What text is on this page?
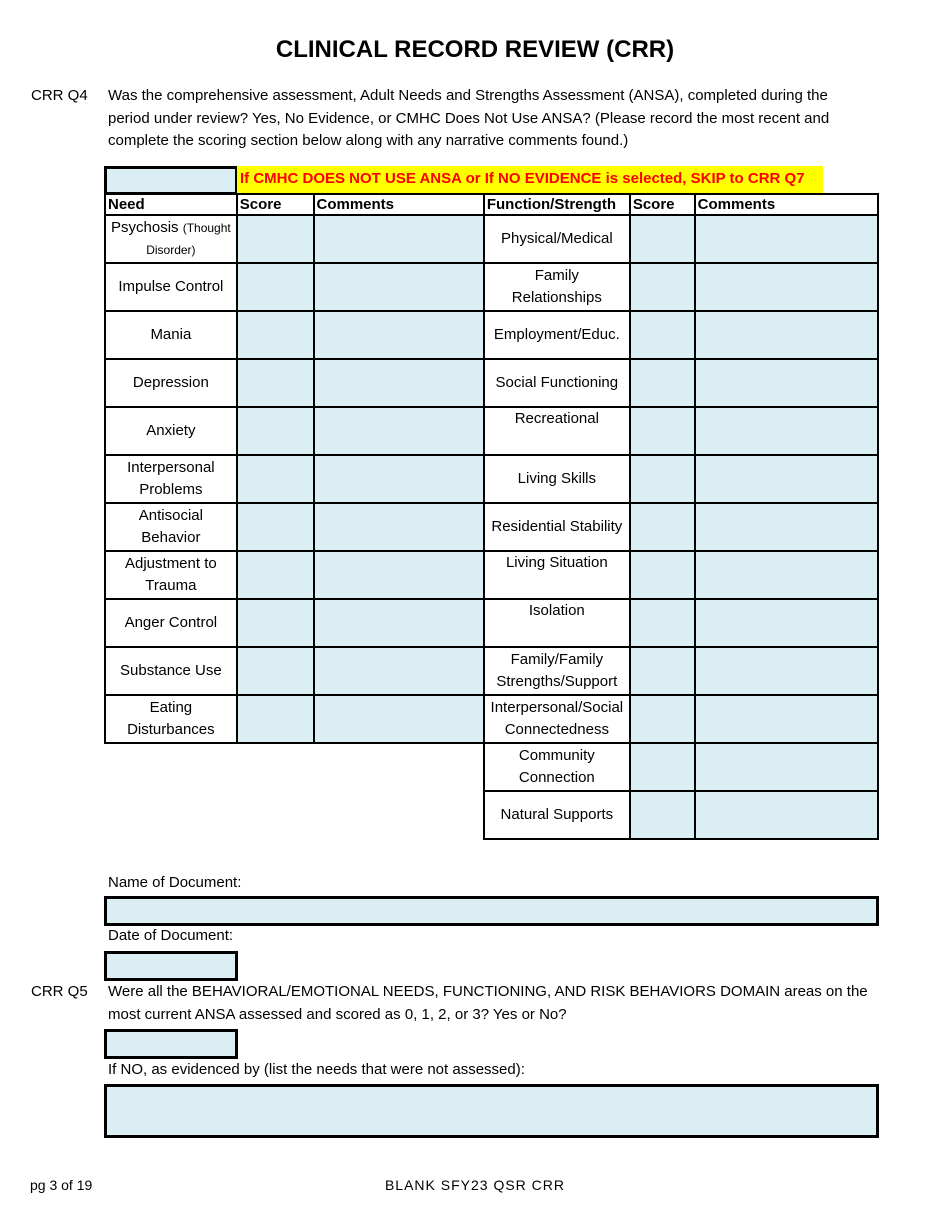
CLINICAL RECORD REVIEW (CRR)
CRR Q4 Was the comprehensive assessment, Adult Needs and Strengths Assessment (ANSA), completed during the period under review? Yes, No Evidence, or CMHC Does Not Use ANSA? (Please record the most recent and complete the scoring section below along with any narrative comments found.)
If CMHC DOES NOT USE ANSA or If NO EVIDENCE is selected, SKIP to CRR Q7
Need	Score	Comments	Function/Strength	Score	Comments
Psychosis (Thought Disorder)			Physical/Medical		
Impulse Control			Family Relationships		
Mania			Employment/Educ.		
Depression			Social Functioning		
Anxiety			Recreational		
Interpersonal Problems			Living Skills		
Antisocial Behavior			Residential Stability		
Adjustment to Trauma			Living Situation		
Anger Control			Isolation		
Substance Use			Family/Family Strengths/Support		
Eating Disturbances			Interpersonal/Social Connectedness		
			Community Connection		
			Natural Supports		
Name of Document:
Date of Document:
CRR Q5 Were all the BEHAVIORAL/EMOTIONAL NEEDS, FUNCTIONING, AND RISK BEHAVIORS DOMAIN areas on the most current ANSA assessed and scored as 0, 1, 2, or 3? Yes or No?
If NO, as evidenced by (list the needs that were not assessed):
pg 3 of 19	BLANK SFY23 QSR CRR
